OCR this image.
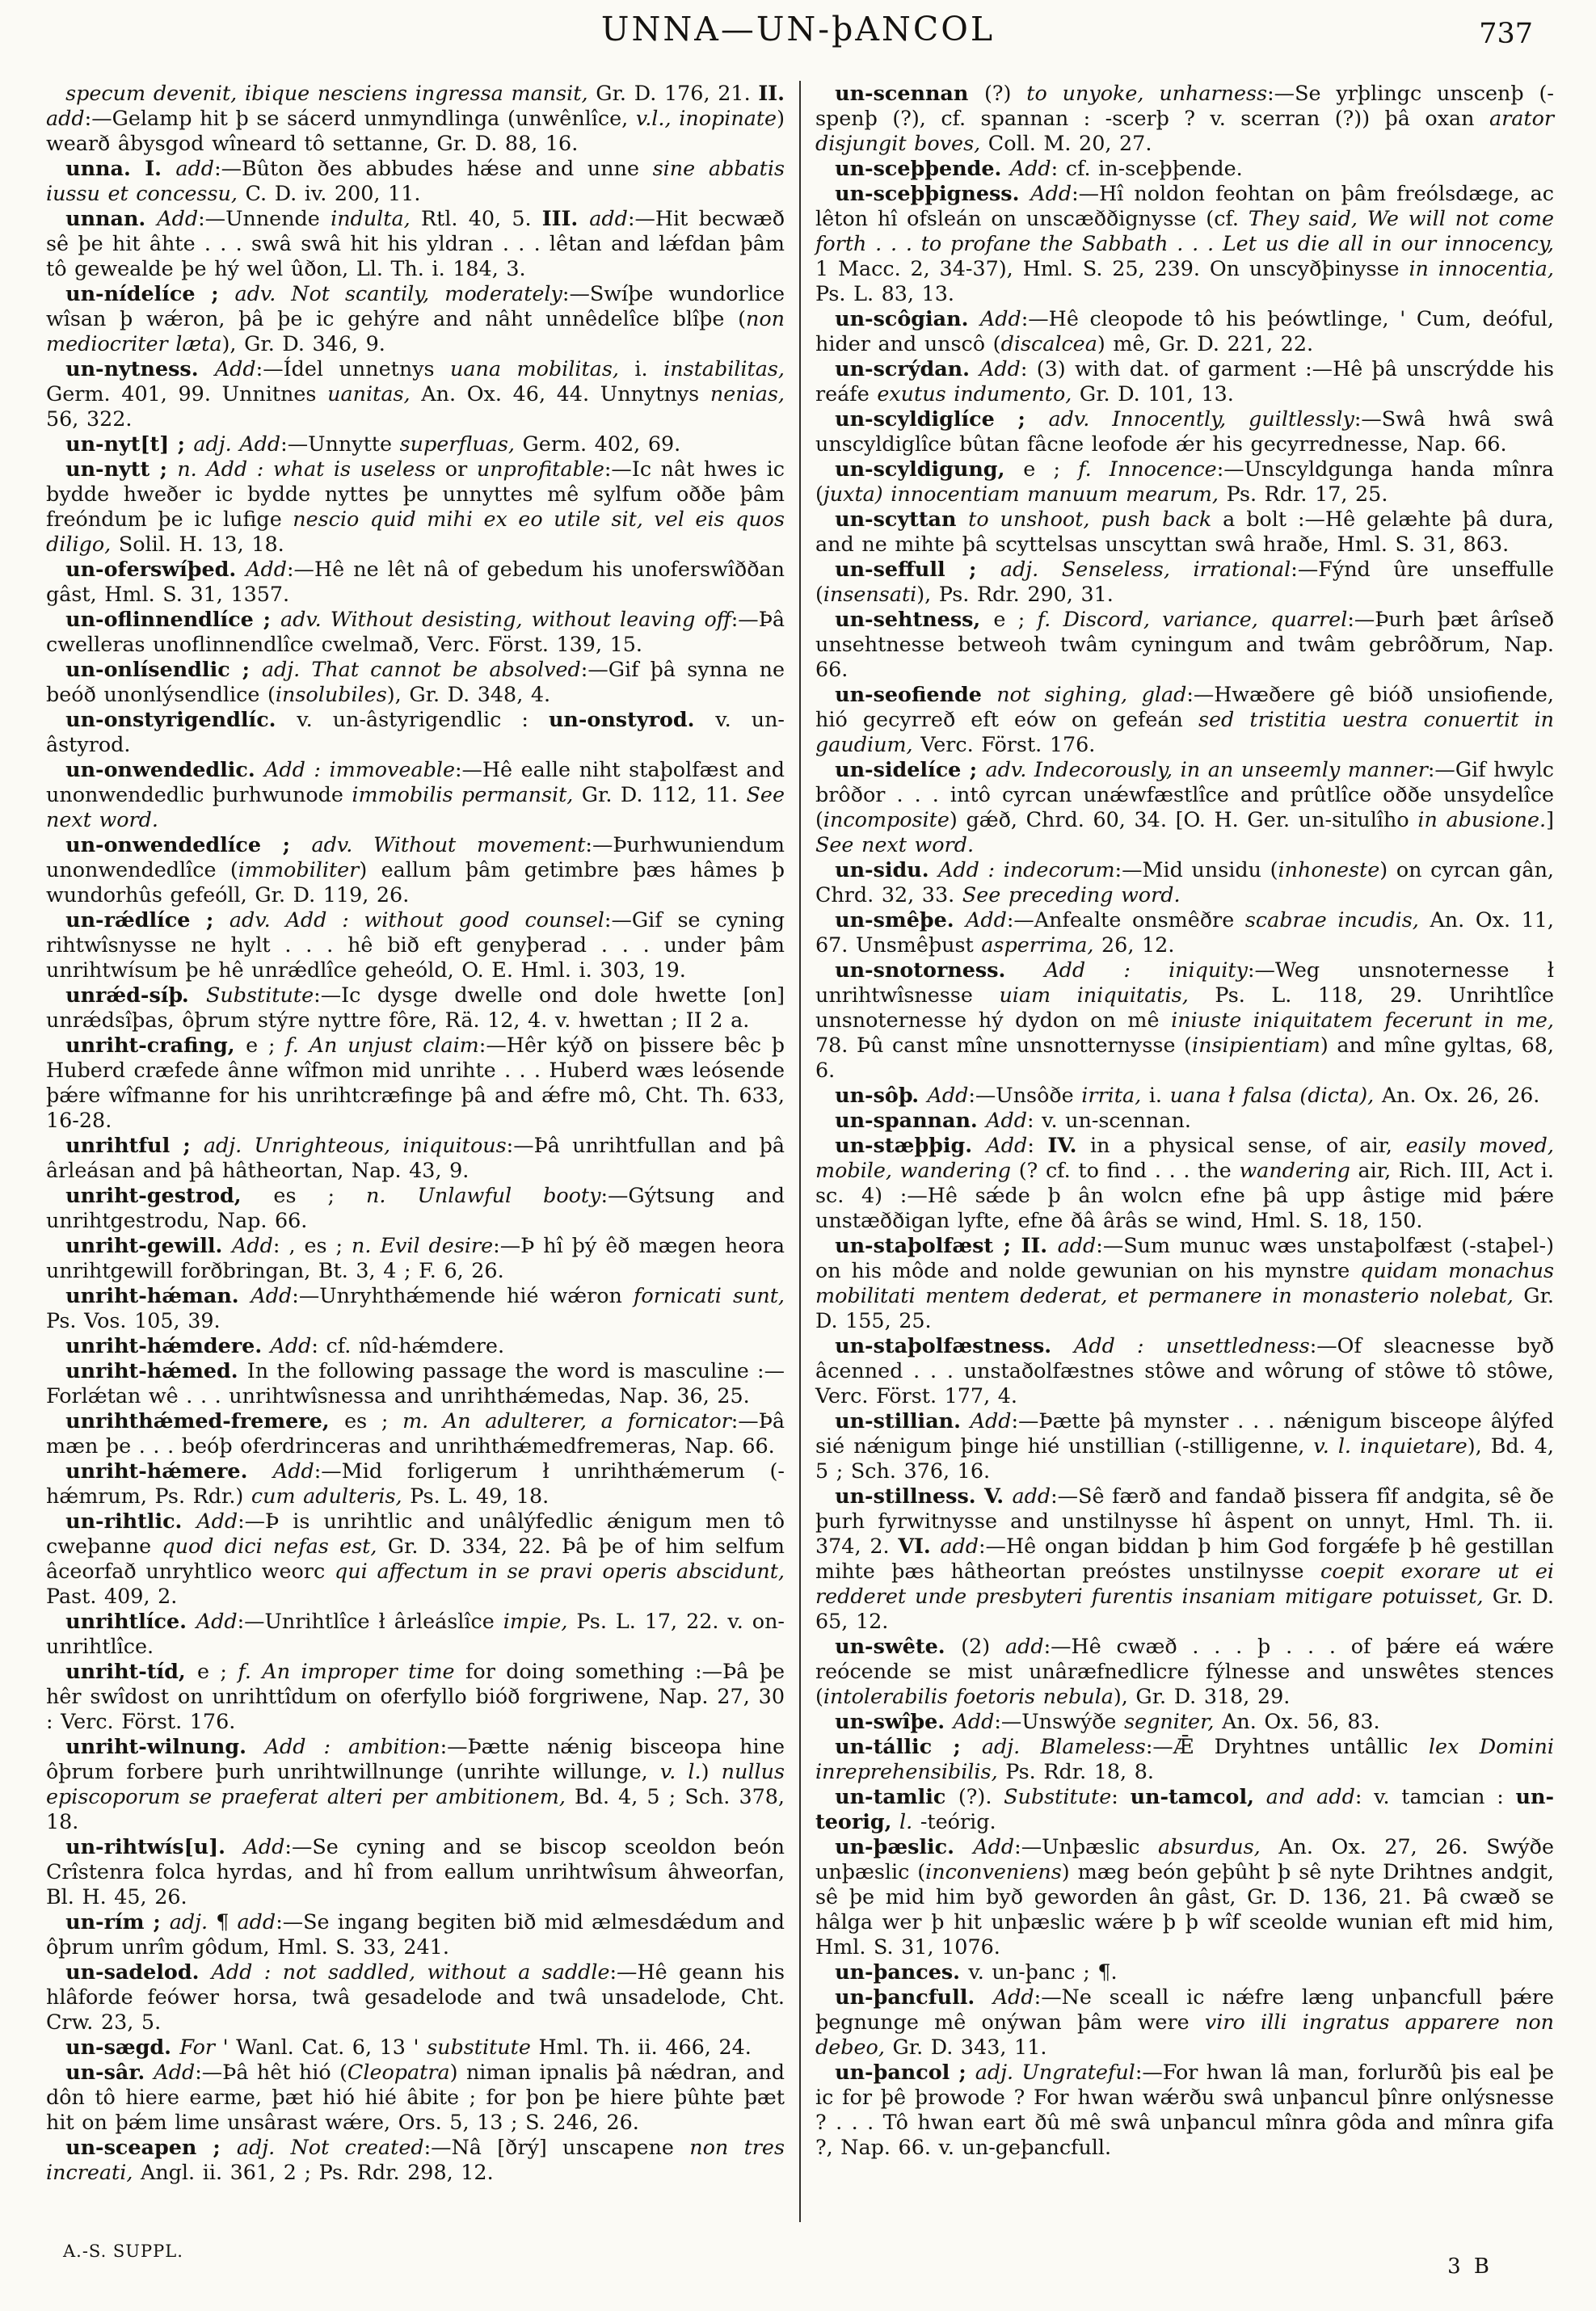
UNNA—UN-þANCOL	737

specum devenit, ibique nesciens ingressa mansit, Gr. D. 176, 21. II. add:—Gelamp hit þ se sácerd unmyndlinga (unwênlîce, v.l., inopinate) wearð âbysgod wîneard tô settanne, Gr. D. 88, 16.

unna. I. add:—Bûton ðes abbudes hǽse and unne sine abbatis iussu et concessu, C. D. iv. 200, 11.

unnan. Add:—Unnende indulta, Rtl. 40, 5. III. add:—Hit becwæð sê þe hit âhte . . . swâ swâ hit his yldran . . . lêtan and lǽfdan þâm tô gewealde þe hý wel ûðon, Ll. Th. i. 184, 3.

un-nídelíce ; adv. Not scantily, moderately:—Swíþe wundorlice wîsan þ wǽron, þâ þe ic gehýre and nâht unnêdelîce blîþe (non mediocriter læta), Gr. D. 346, 9.

un-nytness. Add:—Ídel unnetnys uana mobilitas, i. instabilitas, Germ. 401, 99. Unnitnes uanitas, An. Ox. 46, 44. Unnytnys nenias, 56, 322.

un-nyt[t] ; adj. Add:—Unnytte superfluas, Germ. 402, 69.

un-nytt ; n. Add : what is useless or unprofitable:—Ic nât hwes ic bydde hweðer ic bydde nyttes þe unnyttes mê sylfum oððe þâm freóndum þe ic lufige nescio quid mihi ex eo utile sit, vel eis quos diligo, Solil. H. 13, 18.

un-oferswíþed. Add:—Hê ne lêt nâ of gebedum his unoferswîððan gâst, Hml. S. 31, 1357.

un-oflinnendlíce ; adv. Without desisting, without leaving off:—Þâ cwelleras unoflinnendlîce cwelmað, Verc. Först. 139, 15.

un-onlísendlic ; adj. That cannot be absolved:—Gif þâ synna ne beóð unonlýsendlice (insolubiles), Gr. D. 348, 4.

un-onstyrigendlíc. v. un-âstyrigendlic : un-onstyrod. v. un-âstyrod.

un-onwendedlic. Add : immoveable:—Hê ealle niht staþolfæst and unonwendedlic þurhwunode immobilis permansit, Gr. D. 112, 11. See next word.

un-onwendedlíce ; adv. Without movement:—Þurhwuniendum unonwendedlîce (immobiliter) eallum þâm getimbre þæs hâmes þ wundorhûs gefeóll, Gr. D. 119, 26.

un-rǽdlíce ; adv. Add : without good counsel:—Gif se cyning rihtwîsnysse ne hylt . . . hê bið eft genyþerad . . . under þâm unrihtwísum þe hê unrǽdlîce geheóld, O. E. Hml. i. 303, 19.

unrǽd-síþ. Substitute:—Ic dysge dwelle ond dole hwette [on] unrǽdsîþas, ôþrum stýre nyttre fôre, Rä. 12, 4. v. hwettan ; II 2 a.

unriht-crafing, e ; f. An unjust claim:—Hêr kýð on þissere bêc þ Huberd cræfede ânne wîfmon mid unrihte . . . Huberd wæs leósende þǽre wîfmanne for his unrihtcræfinge þâ and ǽfre mô, Cht. Th. 633, 16-28.

unrihtful ; adj. Unrighteous, iniquitous:—Þâ unrihtfullan and þâ ârleásan and þâ hâtheortan, Nap. 43, 9.

unriht-gestrod, es ; n. Unlawful booty:—Gýtsung and unrihtgestrodu, Nap. 66.

unriht-gewill. Add: , es ; n. Evil desire:—Þ hî þý êð mægen heora unrihtgewill forðbringan, Bt. 3, 4 ; F. 6, 26.

unriht-hǽman. Add:—Unryhthǽmende hié wǽron fornicati sunt, Ps. Vos. 105, 39.

unriht-hǽmdere. Add: cf. nîd-hǽmdere.

unriht-hǽmed. In the following passage the word is masculine :— Forlǽtan wê . . . unrihtwîsnessa and unrihthǽmedas, Nap. 36, 25.

unrihthǽmed-fremere, es ; m. An adulterer, a fornicator:—Þâ mæn þe . . . beóþ oferdrinceras and unrihthǽmedfremeras, Nap. 66.

unriht-hǽmere. Add:—Mid forligerum ł unrihthǽmerum (-hǽmrum, Ps. Rdr.) cum adulteris, Ps. L. 49, 18.

un-rihtlic. Add:—Þ is unrihtlic and unâlýfedlic ǽnigum men tô cweþanne quod dici nefas est, Gr. D. 334, 22. Þâ þe of him selfum âceorfað unryhtlico weorc qui affectum in se pravi operis abscidunt, Past. 409, 2.

unrihtlíce. Add:—Unrihtlîce ł ârleáslîce impie, Ps. L. 17, 22. v. on-unrihtlîce.

unriht-tíd, e ; f. An improper time for doing something :—Þâ þe hêr swîdost on unrihttîdum on oferfyllo bióð forgriwene, Nap. 27, 30 : Verc. Först. 176.

unriht-wilnung. Add : ambition:—Þætte nǽnig bisceopa hine ôþrum forbere þurh unrihtwillnunge (unrihte willunge, v. l.) nullus episcoporum se praeferat alteri per ambitionem, Bd. 4, 5 ; Sch. 378, 18.

un-rihtwís[u]. Add:—Se cyning and se biscop sceoldon beón Crîstenra folca hyrdas, and hî from eallum unrihtwîsum âhweorfan, Bl. H. 45, 26.

un-rím ; adj. ¶ add:—Se ingang begiten bið mid ælmesdǽdum and ôþrum unrîm gôdum, Hml. S. 33, 241.

un-sadelod. Add : not saddled, without a saddle:—Hê geann his hlâforde feówer horsa, twâ gesadelode and twâ unsadelode, Cht. Crw. 23, 5.

un-sægd. For ' Wanl. Cat. 6, 13 ' substitute Hml. Th. ii. 466, 24.

un-sâr. Add:—Þâ hêt hió (Cleopatra) niman ipnalis þâ nǽdran, and dôn tô hiere earme, þæt hió hié âbite ; for þon þe hiere þûhte þæt hit on þǽm lime unsârast wǽre, Ors. 5, 13 ; S. 246, 26.

un-sceapen ; adj. Not created:—Nâ [ðrý] unscapene non tres increati, Angl. ii. 361, 2 ; Ps. Rdr. 298, 12.

un-scennan (?) to unyoke, unharness:—Se yrþlingc unscenþ (-spenþ (?), cf. spannan : -scerþ ? v. scerran (?)) þâ oxan arator disjungit boves, Coll. M. 20, 27.

un-sceþþende. Add: cf. in-sceþþende.

un-sceþþigness. Add:—Hî noldon feohtan on þâm freólsdæge, ac lêton hî ofsleán on unscæððignysse (cf. They said, We will not come forth . . . to profane the Sabbath . . . Let us die all in our innocency, 1 Macc. 2, 34-37), Hml. S. 25, 239. On unscyðþinysse in innocentia, Ps. L. 83, 13.

un-scôgian. Add:—Hê cleopode tô his þeówtlinge, ' Cum, deóful, hider and unscô (discalcea) mê, Gr. D. 221, 22.

un-scrýdan. Add: (3) with dat. of garment :—Hê þâ unscrýdde his reáfe exutus indumento, Gr. D. 101, 13.

un-scyldiglíce ; adv. Innocently, guiltlessly:—Swâ hwâ swâ unscyldiglîce bûtan fâcne leofode ǽr his gecyrrednesse, Nap. 66.

un-scyldigung, e ; f. Innocence:—Unscyldgunga handa mînra (juxta) innocentiam manuum mearum, Ps. Rdr. 17, 25.

un-scyttan to unshoot, push back a bolt :—Hê gelæhte þâ dura, and ne mihte þâ scyttelsas unscyttan swâ hraðe, Hml. S. 31, 863.

un-seffull ; adj. Senseless, irrational:—Fýnd ûre unseffulle (insensati), Ps. Rdr. 290, 31.

un-sehtness, e ; f. Discord, variance, quarrel:—Þurh þæt ârîseð unsehtnesse betweoh twâm cyningum and twâm gebrôðrum, Nap. 66.

un-seofiende not sighing, glad:—Hwæðere gê bióð unsiofiende, hió gecyrreð eft eów on gefeán sed tristitia uestra conuertit in gaudium, Verc. Först. 176.

un-sidelíce ; adv. Indecorously, in an unseemly manner:—Gif hwylc brôðor . . . intô cyrcan unǽwfæstlîce and prûtlîce oððe unsydelîce (incomposite) gǽð, Chrd. 60, 34. [O. H. Ger. un-situlîho in abusione.] See next word.

un-sidu. Add : indecorum:—Mid unsidu (inhoneste) on cyrcan gân, Chrd. 32, 33. See preceding word.

un-smêþe. Add:—Anfealte onsmêðre scabrae incudis, An. Ox. 11, 67. Unsmêþust asperrima, 26, 12.

un-snotorness. Add : iniquity:—Weg unsnoternesse ł unrihtwîsnesse uiam iniquitatis, Ps. L. 118, 29. Unrihtlîce unsnoternesse hý dydon on mê iniuste iniquitatem fecerunt in me, 78. Þû canst mîne unsnotternysse (insipientiam) and mîne gyltas, 68, 6.

un-sôþ. Add:—Unsôðe irrita, i. uana ł falsa (dicta), An. Ox. 26, 26.

un-spannan. Add: v. un-scennan.

un-stæþþig. Add: IV. in a physical sense, of air, easily moved, mobile, wandering (? cf. to find . . . the wandering air, Rich. III, Act i. sc. 4) :—Hê sǽde þ ân wolcn efne þâ upp âstige mid þǽre unstæððigan lyfte, efne ðâ ârâs se wind, Hml. S. 18, 150.

un-staþolfæst ; II. add:—Sum munuc wæs unstaþolfæst (-staþel-) on his môde and nolde gewunian on his mynstre quidam monachus mobilitati mentem dederat, et permanere in monasterio nolebat, Gr. D. 155, 25.

un-staþolfæstness. Add : unsettledness:—Of sleacnesse byð âcenned . . . unstaðolfæstnes stôwe and wôrung of stôwe tô stôwe, Verc. Först. 177, 4.

un-stillian. Add:—Þætte þâ mynster . . . nǽnigum bisceope âlýfed sié nǽnigum þinge hié unstillian (-stilligenne, v. l. inquietare), Bd. 4, 5 ; Sch. 376, 16.

un-stillness. V. add:—Sê færð and fandað þissera fîf andgita, sê ðe þurh fyrwitnysse and unstilnysse hî âspent on unnyt, Hml. Th. ii. 374, 2. VI. add:—Hê ongan biddan þ him God forgǽfe þ hê gestillan mihte þæs hâtheortan preóstes unstilnysse coepit exorare ut ei redderet unde presbyteri furentis insaniam mitigare potuisset, Gr. D. 65, 12.

un-swête. (2) add:—Hê cwæð . . . þ . . . of þǽre eá wǽre reócende se mist unâræfnedlicre fýlnesse and unswêtes stences (intolerabilis foetoris nebula), Gr. D. 318, 29.

un-swîþe. Add:—Unswýðe segniter, An. Ox. 56, 83.

un-tállic ; adj. Blameless:—Ǣ Dryhtnes untâllic lex Domini inreprehensibilis, Ps. Rdr. 18, 8.

un-tamlic (?). Substitute: un-tamcol, and add: v. tamcian : un-teorig, l. -teórig.

un-þæslic. Add:—Unþæslic absurdus, An. Ox. 27, 26. Swýðe unþæslic (inconveniens) mæg beón geþûht þ sê nyte Drihtnes andgit, sê þe mid him byð geworden ân gâst, Gr. D. 136, 21. Þâ cwæð se hâlga wer þ hit unþæslic wǽre þ þ wîf sceolde wunian eft mid him, Hml. S. 31, 1076.

un-þances. v. un-þanc ; ¶.

un-þancfull. Add:—Ne sceall ic nǽfre læng unþancfull þǽre þegnunge mê onýwan þâm were viro illi ingratus apparere non debeo, Gr. D. 343, 11.

un-þancol ; adj. Ungrateful:—For hwan lâ man, forlurðû þis eal þe ic for þê þrowode ? For hwan wǽrðu swâ unþancul þînre onlýsnesse ? . . . Tô hwan eart ðû mê swâ unþancul mînra gôda and mînra gifa ?, Nap. 66. v. un-geþancfull.

A.-S. SUPPL.
3 B
